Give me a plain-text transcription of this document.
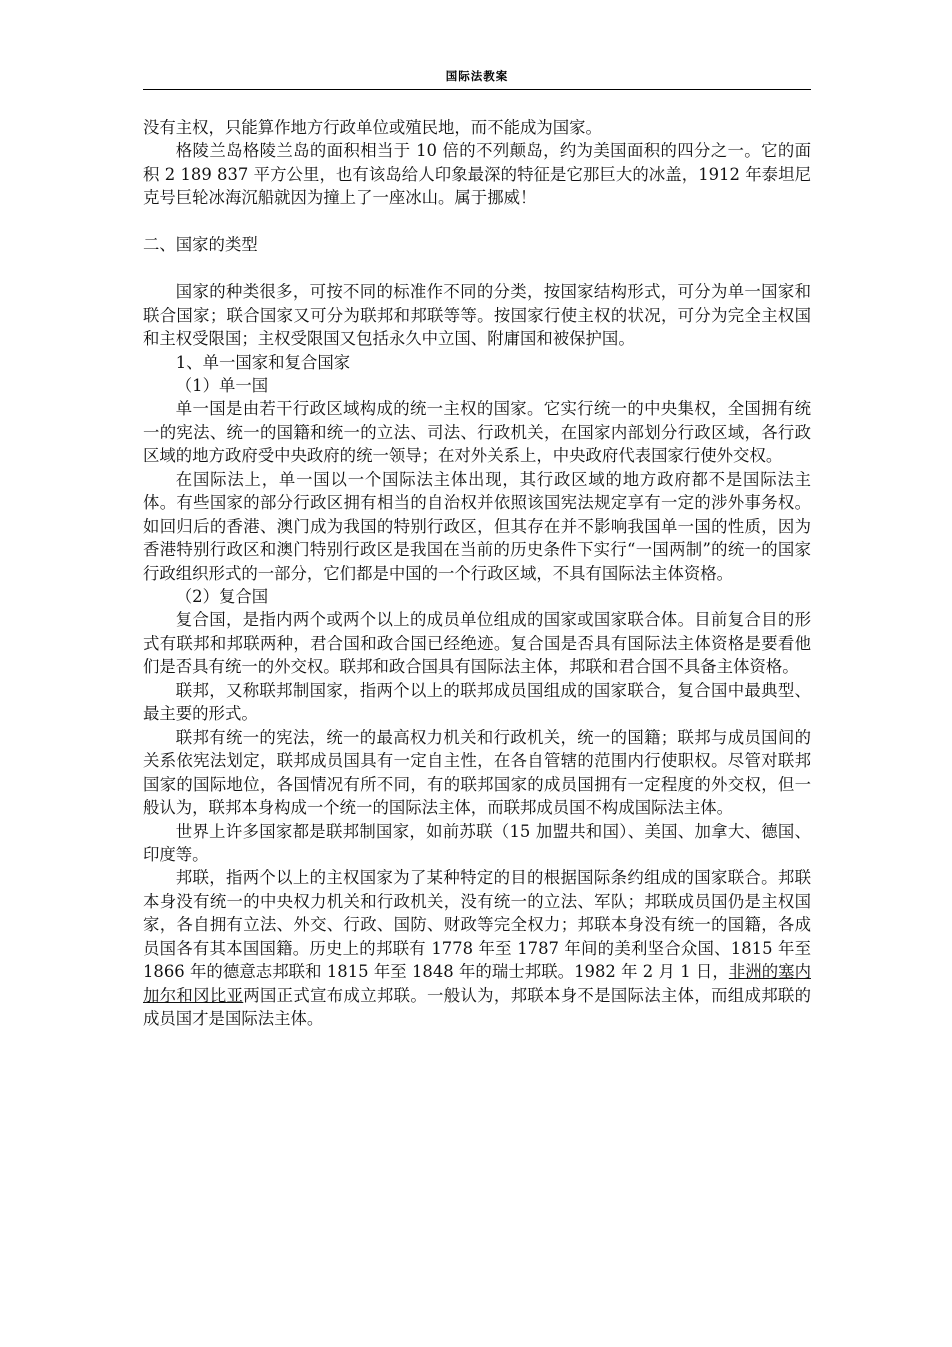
国际法教案

没有主权，只能算作地方行政单位或殖民地，而不能成为国家。

格陵兰岛格陵兰岛的面积相当于 10 倍的不列颠岛，约为美国面积的四分之一。它的面积 2 189 837 平方公里，也有该岛给人印象最深的特征是它那巨大的冰盖，1912 年泰坦尼克号巨轮冰海沉船就因为撞上了一座冰山。属于挪威！

二、国家的类型

国家的种类很多，可按不同的标准作不同的分类，按国家结构形式，可分为单一国家和联合国家；联合国家又可分为联邦和邦联等等。按国家行使主权的状况，可分为完全主权国和主权受限国；主权受限国又包括永久中立国、附庸国和被保护国。

1、单一国家和复合国家

（1）单一国

单一国是由若干行政区域构成的统一主权的国家。它实行统一的中央集权，全国拥有统一的宪法、统一的国籍和统一的立法、司法、行政机关，在国家内部划分行政区域，各行政区域的地方政府受中央政府的统一领导；在对外关系上，中央政府代表国家行使外交权。

在国际法上，单一国以一个国际法主体出现，其行政区域的地方政府都不是国际法主体。有些国家的部分行政区拥有相当的自治权并依照该国宪法规定享有一定的涉外事务权。如回归后的香港、澳门成为我国的特别行政区，但其存在并不影响我国单一国的性质，因为香港特别行政区和澳门特别行政区是我国在当前的历史条件下实行“一国两制”的统一的国家行政组织形式的一部分，它们都是中国的一个行政区域，不具有国际法主体资格。

（2）复合国

复合国，是指内两个或两个以上的成员单位组成的国家或国家联合体。目前复合目的形式有联邦和邦联两种，君合国和政合国已经绝迹。复合国是否具有国际法主体资格是要看他们是否具有统一的外交权。联邦和政合国具有国际法主体，邦联和君合国不具备主体资格。

联邦，又称联邦制国家，指两个以上的联邦成员国组成的国家联合，复合国中最典型、最主要的形式。

联邦有统一的宪法，统一的最高权力机关和行政机关，统一的国籍；联邦与成员国间的关系依宪法划定，联邦成员国具有一定自主性，在各自管辖的范围内行使职权。尽管对联邦国家的国际地位，各国情况有所不同，有的联邦国家的成员国拥有一定程度的外交权，但一般认为，联邦本身构成一个统一的国际法主体，而联邦成员国不构成国际法主体。

世界上许多国家都是联邦制国家，如前苏联（15 加盟共和国）、美国、加拿大、德国、印度等。

邦联，指两个以上的主权国家为了某种特定的目的根据国际条约组成的国家联合。邦联本身没有统一的中央权力机关和行政机关，没有统一的立法、军队；邦联成员国仍是主权国家，各自拥有立法、外交、行政、国防、财政等完全权力；邦联本身没有统一的国籍，各成员国各有其本国国籍。历史上的邦联有 1778 年至 1787 年间的美利坚合众国、1815 年至 1866 年的德意志邦联和 1815 年至 1848 年的瑞士邦联。1982 年 2 月 1 日，非洲的塞内加尔和冈比亚两国正式宣布成立邦联。一般认为，邦联本身不是国际法主体，而组成邦联的成员国才是国际法主体。
